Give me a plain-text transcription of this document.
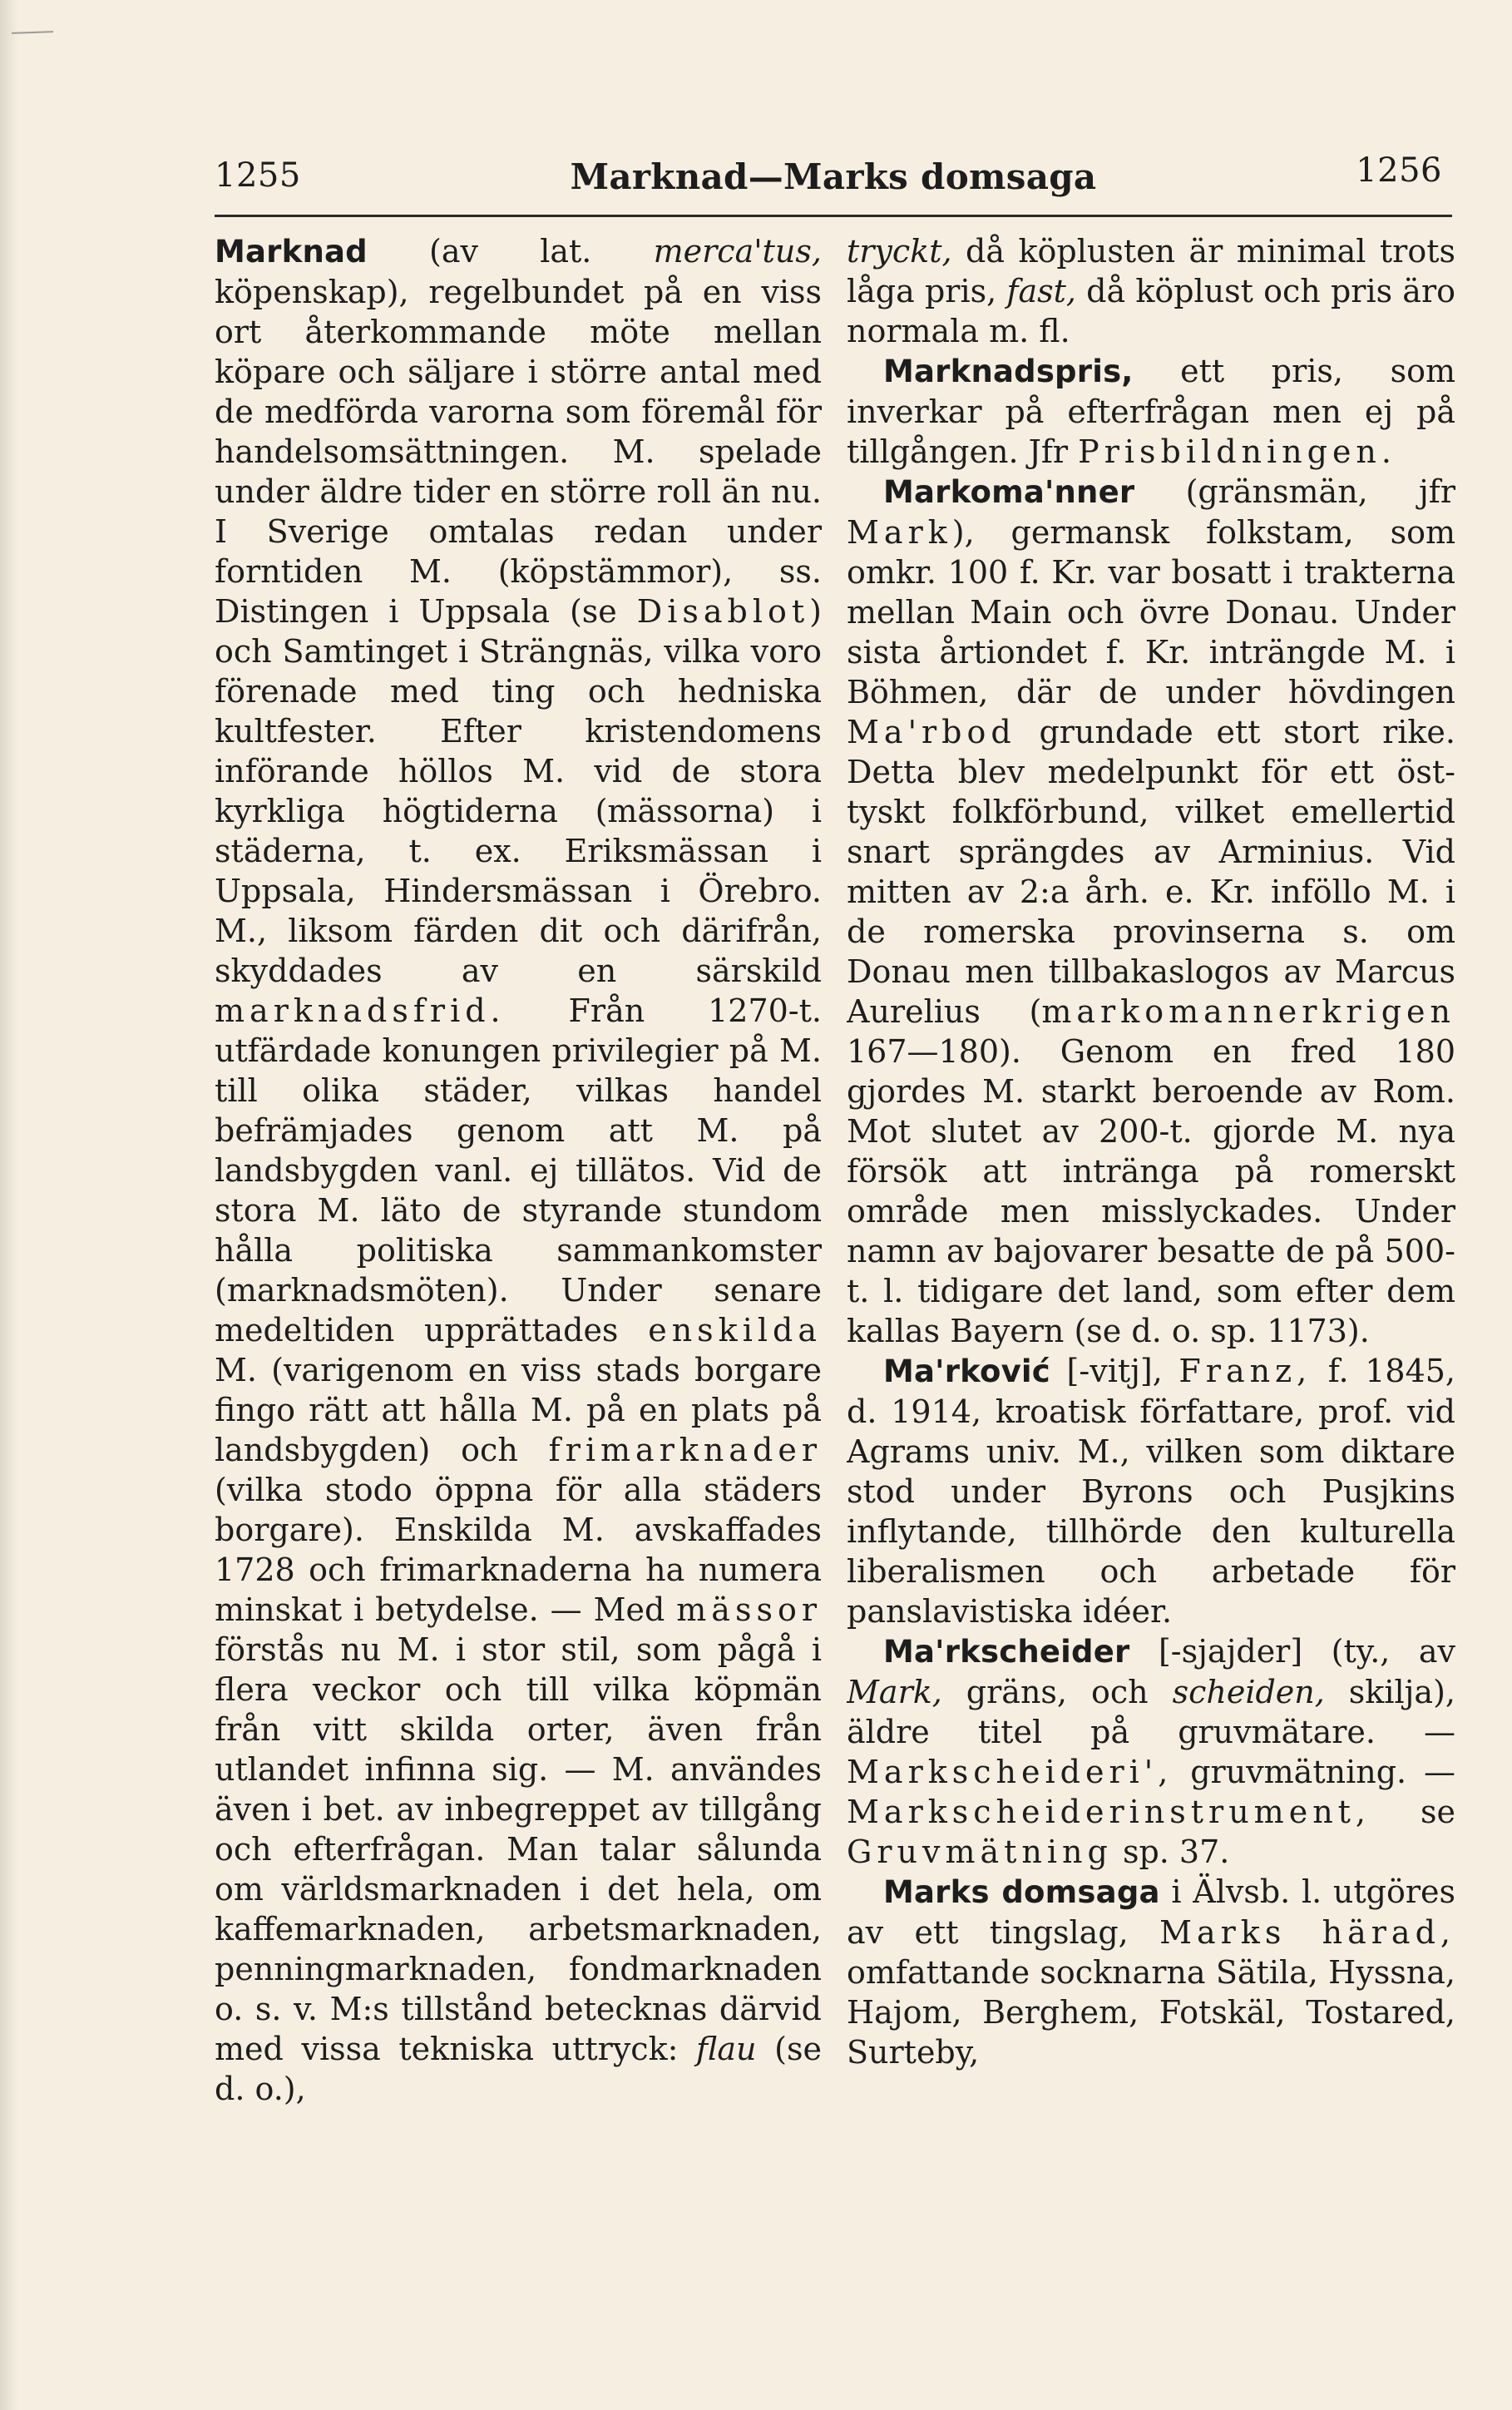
1255	Marknad—Marks domsaga	1256

Marknad (av lat. merca'tus, köpenskap), regelbundet på en viss ort återkommande möte mellan köpare och säljare i större antal med de medförda varorna som föremål för handelsomsättningen. M. spelade under äldre tider en större roll än nu. I Sverige omtalas redan under forntiden M. (köpstämmor), ss. Distingen i Uppsala (se Disablot) och Samtinget i Strängnäs, vilka voro förenade med ting och hedniska kultfester. Efter kristendomens införande höllos M. vid de stora kyrkliga högtiderna (mässorna) i städerna, t. ex. Eriksmässan i Uppsala, Hindersmässan i Örebro. M., liksom färden dit och därifrån, skyddades av en särskild marknadsfrid. Från 1270-t. utfärdade konungen privilegier på M. till olika städer, vilkas handel befrämjades genom att M. på landsbygden vanl. ej tillätos. Vid de stora M. läto de styrande stundom hålla politiska sammankomster (marknadsmöten). Under senare medeltiden upprättades enskilda M. (varigenom en viss stads borgare fingo rätt att hålla M. på en plats på landsbygden) och frimarknader (vilka stodo öppna för alla städers borgare). Enskilda M. avskaffades 1728 och frimarknaderna ha numera minskat i betydelse. — Med mässor förstås nu M. i stor stil, som pågå i flera veckor och till vilka köpmän från vitt skilda orter, även från utlandet infinna sig. — M. användes även i bet. av inbegreppet av tillgång och efterfrågan. Man talar sålunda om världsmarknaden i det hela, om kaffemarknaden, arbetsmarknaden, penningmarknaden, fondmarknaden o. s. v. M:s tillstånd betecknas därvid med vissa tekniska uttryck: flau (se d. o.),

tryckt, då köplusten är minimal trots låga pris, fast, då köplust och pris äro normala m. fl.

Marknadspris, ett pris, som inverkar på efterfrågan men ej på tillgången. Jfr Prisbildningen.

Markoma'nner (gränsmän, jfr Mark), germansk folkstam, som omkr. 100 f. Kr. var bosatt i trakterna mellan Main och övre Donau. Under sista årtiondet f. Kr. inträngde M. i Böhmen, där de under hövdingen Ma'rbod grundade ett stort rike. Detta blev medelpunkt för ett öst-tyskt folkförbund, vilket emellertid snart sprängdes av Arminius. Vid mitten av 2:a årh. e. Kr. inföllo M. i de romerska provinserna s. om Donau men tillbakaslogos av Marcus Aurelius (markomannerkrigen 167—180). Genom en fred 180 gjordes M. starkt beroende av Rom. Mot slutet av 200-t. gjorde M. nya försök att intränga på romerskt område men misslyckades. Under namn av bajovarer besatte de på 500-t. l. tidigare det land, som efter dem kallas Bayern (se d. o. sp. 1173).

Ma'rković [-vitj], Franz, f. 1845, d. 1914, kroatisk författare, prof. vid Agrams univ. M., vilken som diktare stod under Byrons och Pusjkins inflytande, tillhörde den kulturella liberalismen och arbetade för panslavistiska idéer.

Ma'rkscheider [-sjajder] (ty., av Mark, gräns, och scheiden, skilja), äldre titel på gruvmätare. — Markscheideri', gruvmätning. — Markscheiderinstrument, se Gruvmätning sp. 37.

Marks domsaga i Älvsb. l. utgöres av ett tingslag, Marks härad, omfattande socknarna Sätila, Hyssna, Hajom, Berghem, Fotskäl, Tostared, Surteby,
